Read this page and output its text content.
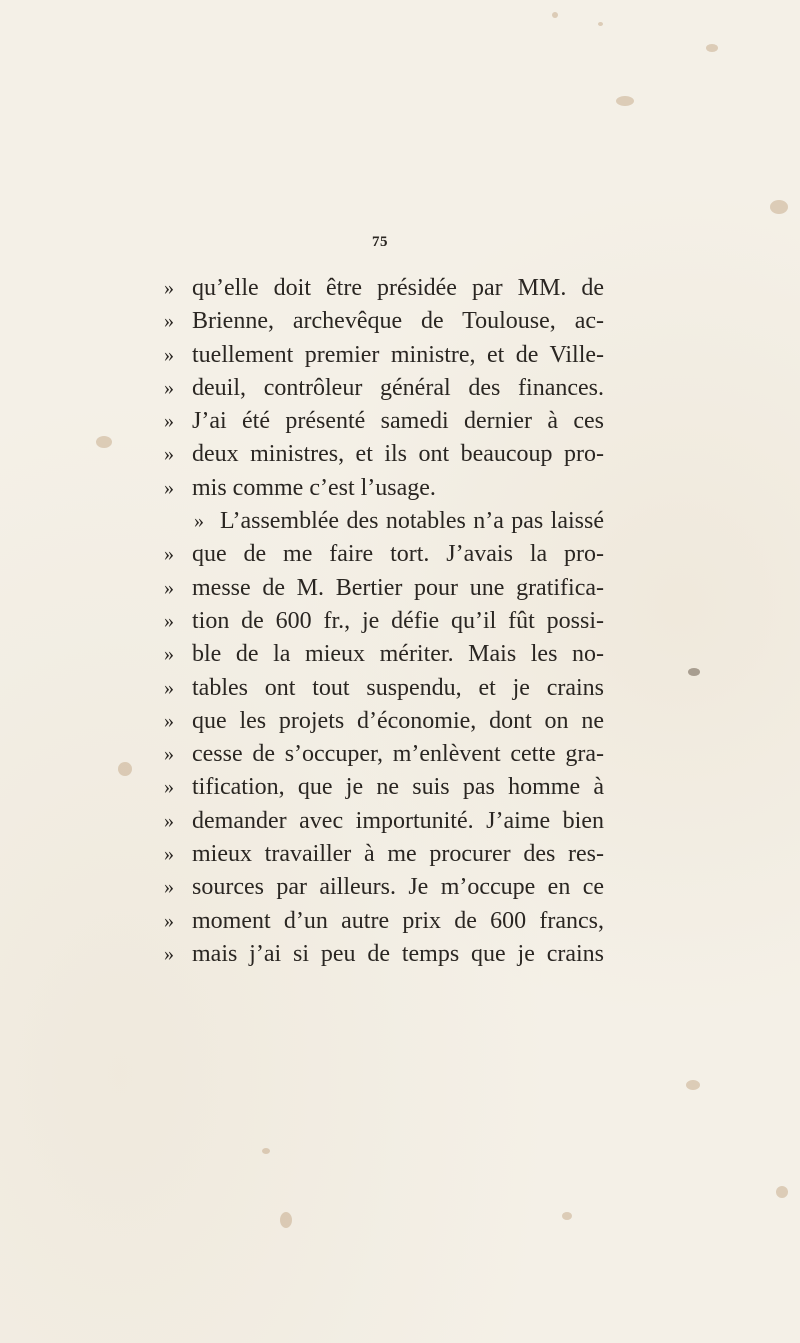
75
» qu’elle doit être présidée par MM. de
» Brienne, archevêque de Toulouse, ac-
» tuellement premier ministre, et de Ville-
» deuil, contrôleur général des finances.
» J’ai été présenté samedi dernier à ces
» deux ministres, et ils ont beaucoup pro-
» mis comme c’est l’usage.
» L’assemblée des notables n’a pas laissé
» que de me faire tort. J’avais la pro-
» messe de M. Bertier pour une gratifica-
» tion de 600 fr., je défie qu’il fût possi-
» ble de la mieux mériter. Mais les no-
» tables ont tout suspendu, et je crains
» que les projets d’économie, dont on ne
» cesse de s’occuper, m’enlèvent cette gra-
» tification, que je ne suis pas homme à
» demander avec importunité. J’aime bien
» mieux travailler à me procurer des res-
» sources par ailleurs. Je m’occupe en ce
» moment d’un autre prix de 600 francs,
» mais j’ai si peu de temps que je crains
